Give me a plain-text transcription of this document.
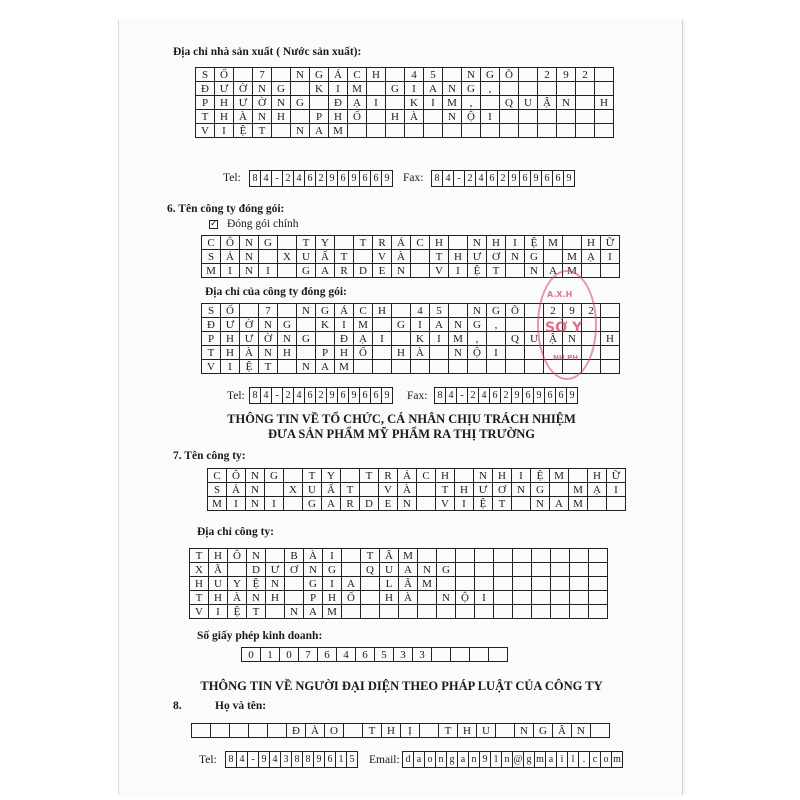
Địa chỉ nhà sản xuất ( Nước sản xuất):
S	Ố		7		N	G	Á	C	H		4	5		N	G	Õ		2	9	2	
Đ	Ư	Ờ	N	G		K	I	M		G	I	A	N	G	,						
P	H	Ư	Ờ	N	G		Đ	Ạ	I		K	I	M	,		Q	U	Ậ	N		H
T	H	À	N	H		P	H	Ố		H	À		N	Ộ	I						
V	I	Ệ	T		N	A	M														
Tel: 8	4	-	2	4	6	2	9	6	9	6	6	9 Fax: 8	4	-	2	4	6	2	9	6	9	6	6	9
6. Tên công ty đóng gói:
✓ Đóng gói chính
C	Ô	N	G		T	Y		T	R	Á	C	H		N	H	I	Ệ	M		H	Ữ
S	Ả	N		X	U	Ấ	T		V	À		T	H	Ư	Ơ	N	G		M	Ạ	I
M	I	N	I		G	A	R	D	E	N		V	I	Ệ	T		N	A	M		
Địa chỉ của công ty đóng gói:
S	Ố		7		N	G	Á	C	H		4	5		N	G	Õ		2	9	2	
Đ	Ư	Ờ	N	G		K	I	M		G	I	A	N	G	,						
P	H	Ư	Ờ	N	G		Đ	Ạ	I		K	I	M	,		Q	U	Ậ	N		H
T	H	À	N	H		P	H	Ố		H	À		N	Ộ	I						
V	I	Ệ	T		N	A	M														
Tel: 8	4	-	2	4	6	2	9	6	9	6	6	9 Fax: 8	4	-	2	4	6	2	9	6	9	6	6	9
THÔNG TIN VỀ TỔ CHỨC, CÁ NHÂN CHỊU TRÁCH NHIỆM
ĐƯA SẢN PHẨM MỸ PHẨM RA THỊ TRƯỜNG
7. Tên công ty:
C	Ô	N	G		T	Y		T	R	Á	C	H		N	H	I	Ệ	M		H	Ữ
S	Ả	N		X	U	Ấ	T		V	À		T	H	Ư	Ơ	N	G		M	Ạ	I
M	I	N	I		G	A	R	D	E	N		V	I	Ệ	T		N	A	M		
Địa chỉ công ty:
T	H	Ô	N		B	À	I		T	Â	M										
X	Ã		D	Ư	Ơ	N	G		Q	U	A	N	G								
H	U	Y	Ệ	N		G	I	A		L	Â	M									
T	H	À	N	H		P	H	Ố		H	À		N	Ộ	I						
V	I	Ệ	T		N	A	M														
Số giấy phép kinh doanh:
0	1	0	7	6	4	6	5	3	3				
THÔNG TIN VỀ NGƯỜI ĐẠI DIỆN THEO PHÁP LUẬT CỦA CÔNG TY
8.	Họ và tên:
					Đ	À	O		T	H	Ị		T	H	U		N	G	Â	N	
Tel: 8	4	-	9	4	3	8	8	9	6	1	5 Email: d	a	o	n	g	a	n	9	1	n	@	g	m	a	i	l	.	c	o	m
A.X.H
SỞ Y
NH PH
